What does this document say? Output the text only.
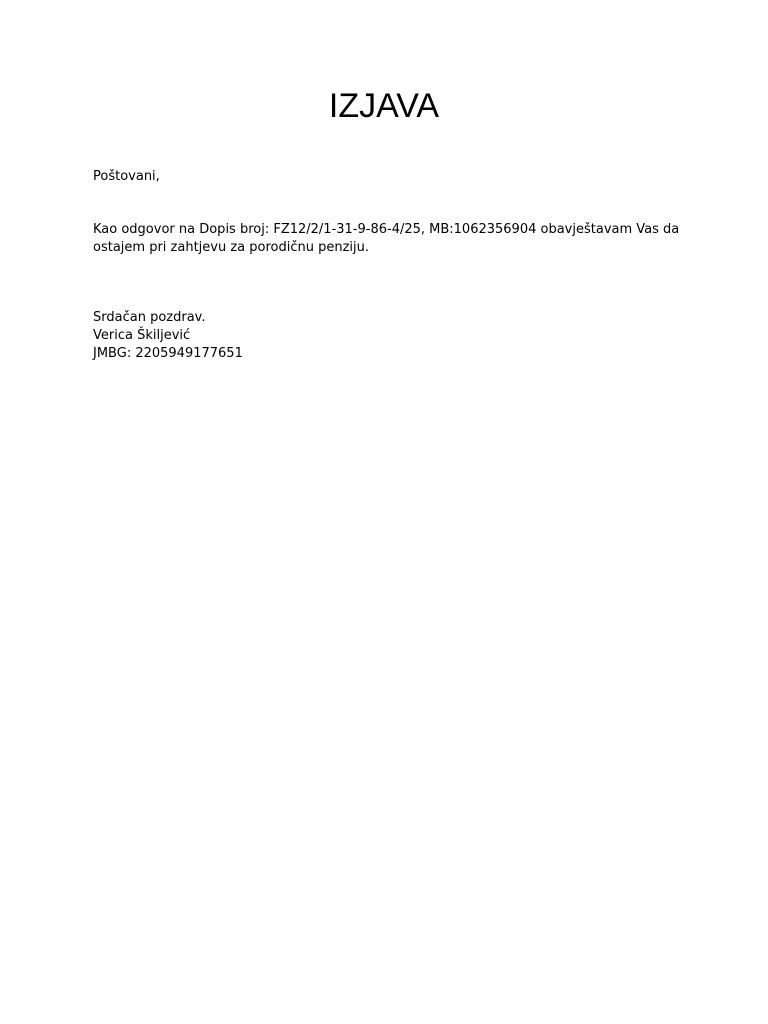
IZJAVA

Poštovani,

Kao odgovor na Dopis broj: FZ12/2/1-31-9-86-4/25, MB:1062356904 obavještavam Vas da
ostajem pri zahtjevu za porodičnu penziju.
Srdačan pozdrav.
Verica Škiljević
JMBG: 2205949177651
